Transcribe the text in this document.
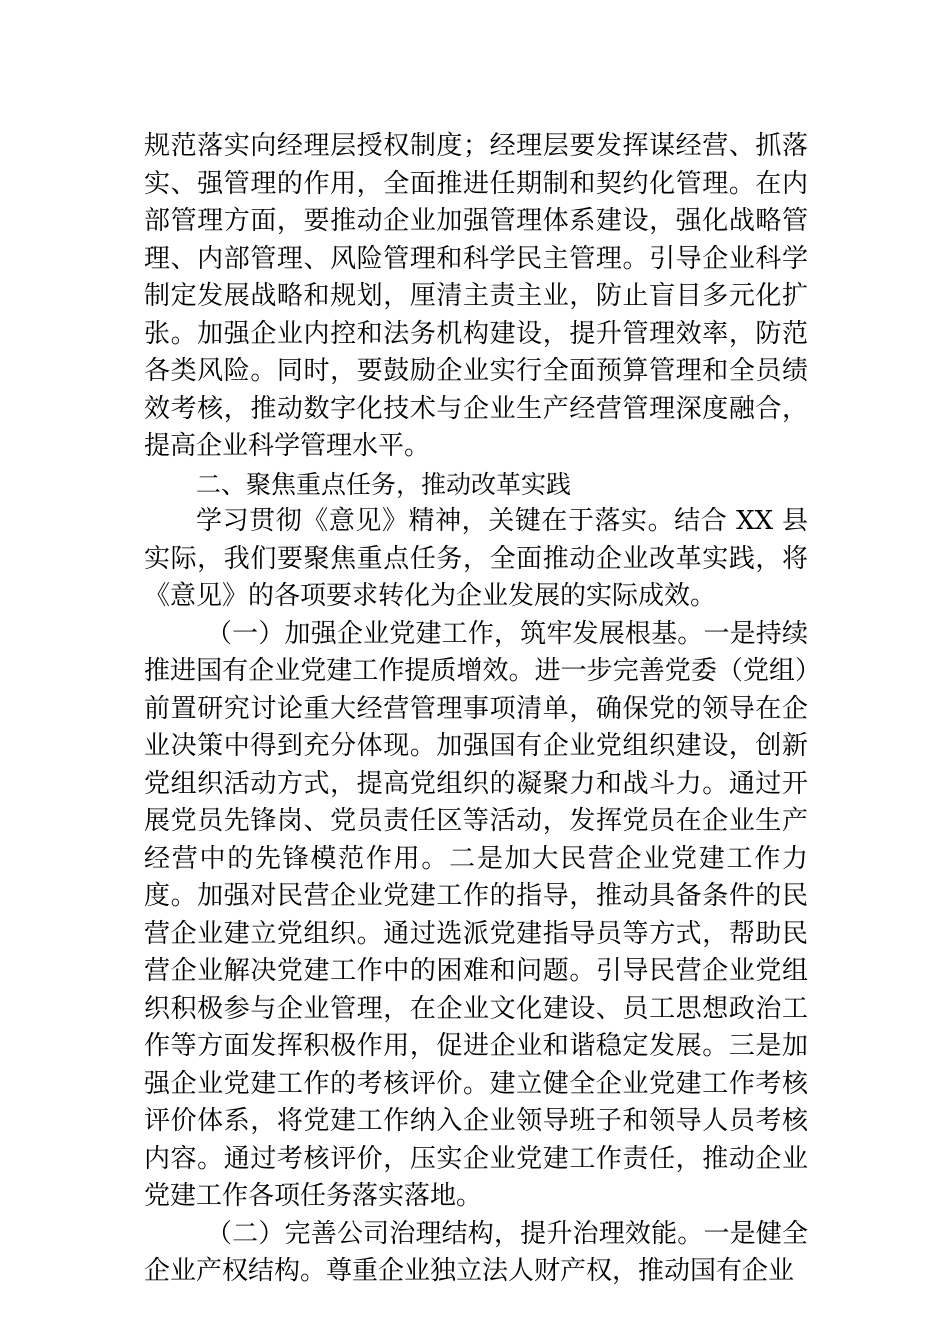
规范落实向经理层授权制度；经理层要发挥谋经营、抓落实、强管理的作用，全面推进任期制和契约化管理。在内部管理方面，要推动企业加强管理体系建设，强化战略管理、内部管理、风险管理和科学民主管理。引导企业科学制定发展战略和规划，厘清主责主业，防止盲目多元化扩张。加强企业内控和法务机构建设，提升管理效率，防范各类风险。同时，要鼓励企业实行全面预算管理和全员绩效考核，推动数字化技术与企业生产经营管理深度融合，提高企业科学管理水平。

二、聚焦重点任务，推动改革实践

学习贯彻《意见》精神，关键在于落实。结合 XX 县实际，我们要聚焦重点任务，全面推动企业改革实践，将《意见》的各项要求转化为企业发展的实际成效。

（一）加强企业党建工作，筑牢发展根基。一是持续推进国有企业党建工作提质增效。进一步完善党委（党组）前置研究讨论重大经营管理事项清单，确保党的领导在企业决策中得到充分体现。加强国有企业党组织建设，创新党组织活动方式，提高党组织的凝聚力和战斗力。通过开展党员先锋岗、党员责任区等活动，发挥党员在企业生产经营中的先锋模范作用。二是加大民营企业党建工作力度。加强对民营企业党建工作的指导，推动具备条件的民营企业建立党组织。通过选派党建指导员等方式，帮助民营企业解决党建工作中的困难和问题。引导民营企业党组织积极参与企业管理，在企业文化建设、员工思想政治工作等方面发挥积极作用，促进企业和谐稳定发展。三是加强企业党建工作的考核评价。建立健全企业党建工作考核评价体系，将党建工作纳入企业领导班子和领导人员考核内容。通过考核评价，压实企业党建工作责任，推动企业党建工作各项任务落实落地。

（二）完善公司治理结构，提升治理效能。一是健全企业产权结构。尊重企业独立法人财产权，推动国有企业
